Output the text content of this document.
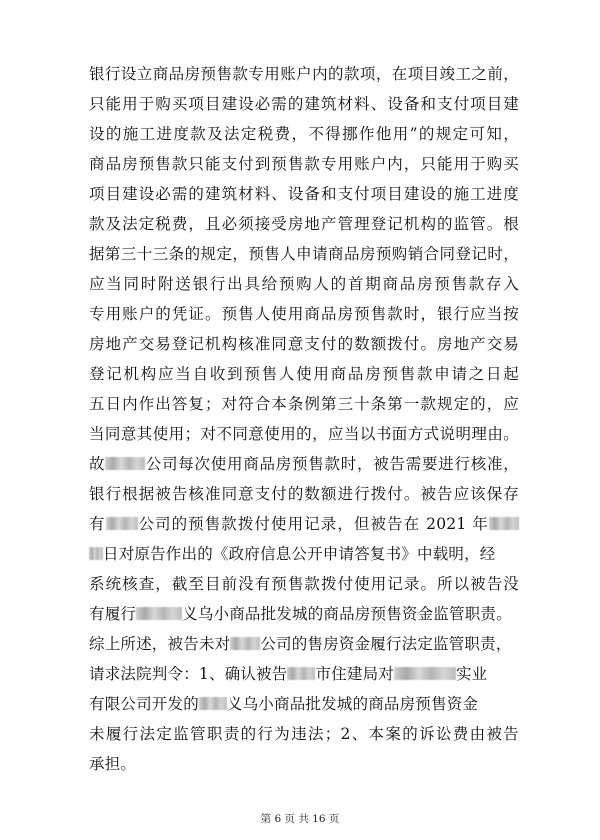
银行设立商品房预售款专用账户内的款项，在项目竣工之前，
只能用于购买项目建设必需的建筑材料、设备和支付项目建
设的施工进度款及法定税费，不得挪作他用”的规定可知，
商品房预售款只能支付到预售款专用账户内，只能用于购买
项目建设必需的建筑材料、设备和支付项目建设的施工进度
款及法定税费，且必须接受房地产管理登记机构的监管。根
据第三十三条的规定，预售人申请商品房预购销合同登记时，
应当同时附送银行出具给预购人的首期商品房预售款存入
专用账户的凭证。预售人使用商品房预售款时，银行应当按
房地产交易登记机构核准同意支付的数额拨付。房地产交易
登记机构应当自收到预售人使用商品房预售款申请之日起
五日内作出答复；对符合本条例第三十条第一款规定的，应
当同意其使用；对不同意使用的，应当以书面方式说明理由。
故	公司每次使用商品房预售款时，被告需要进行核准，
银行根据被告核准同意支付的数额进行拨付。被告应该保存
有 公司的预售款拨付使用记录，但被告在 2021 年
日对原告作出的《政府信息公开申请答复书》中载明，经
系统核查，截至目前没有预售款拨付使用记录。所以被告没
有履行	义乌小商品批发城的商品房预售资金监管职责。
综上所述，被告未对 公司的售房资金履行法定监管职责，
请求法院判令：1、确认被告 市住建局对	实业
有限公司开发的 义乌小商品批发城的商品房预售资金
未履行法定监管职责的行为违法；2、本案的诉讼费由被告
承担。
第 6 页 共 16 页
